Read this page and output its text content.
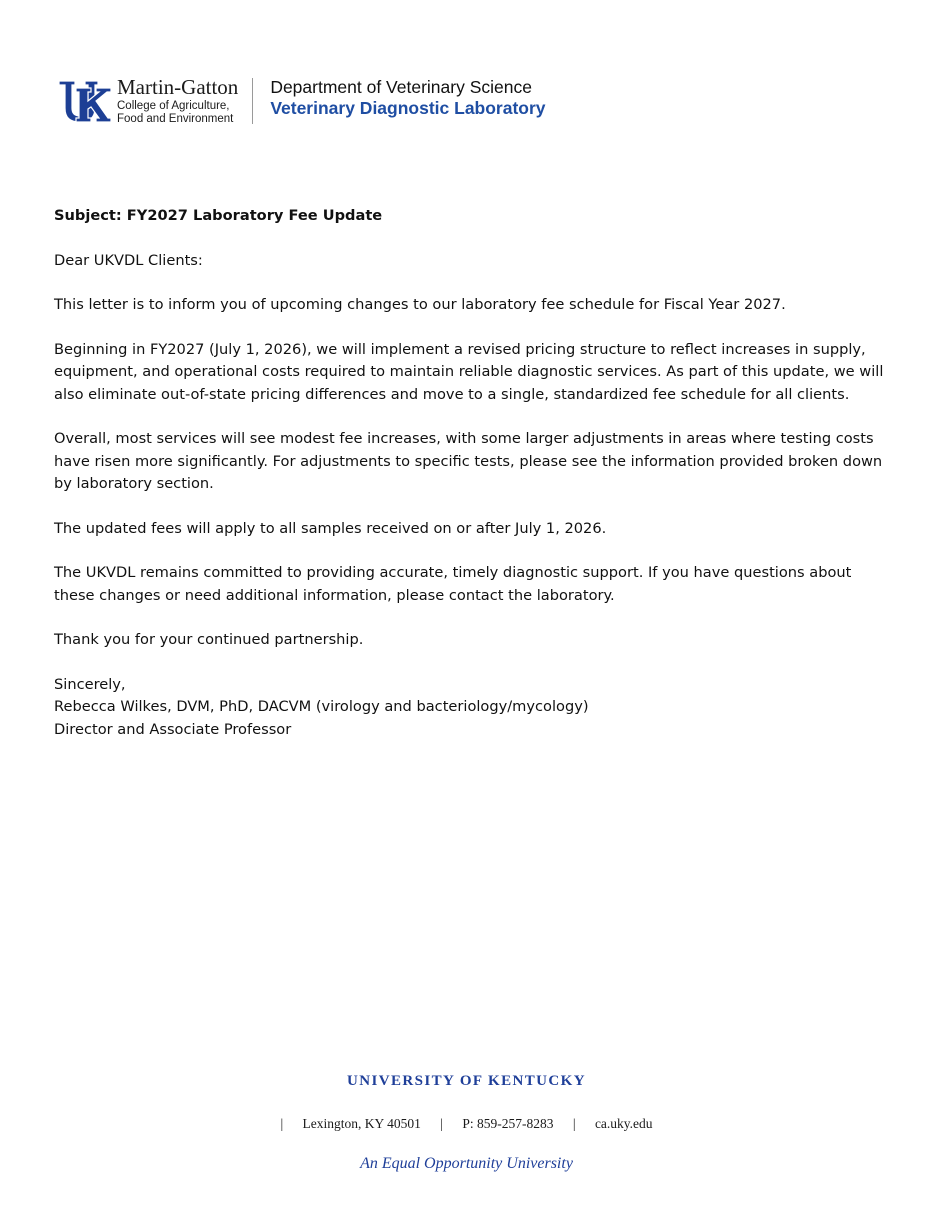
Martin-Gatton
College of Agriculture,
Food and Environment
Department of Veterinary Science
Veterinary Diagnostic Laboratory

Subject: FY2027 Laboratory Fee Update

Dear UKVDL Clients:

This letter is to inform you of upcoming changes to our laboratory fee schedule for Fiscal Year 2027.

Beginning in FY2027 (July 1, 2026), we will implement a revised pricing structure to reflect increases in supply, equipment, and operational costs required to maintain reliable diagnostic services. As part of this update, we will also eliminate out-of-state pricing differences and move to a single, standardized fee schedule for all clients.

Overall, most services will see modest fee increases, with some larger adjustments in areas where testing costs have risen more significantly. For adjustments to specific tests, please see the information provided broken down by laboratory section.

The updated fees will apply to all samples received on or after July 1, 2026.

The UKVDL remains committed to providing accurate, timely diagnostic support. If you have questions about these changes or need additional information, please contact the laboratory.

Thank you for your continued partnership.

Sincerely,

Rebecca Wilkes, DVM, PhD, DACVM (virology and bacteriology/mycology)

Director and Associate Professor

UNIVERSITY OF KENTUCKY
| Lexington, KY 40501 | P: 859-257-8283 | ca.uky.edu
An Equal Opportunity University
